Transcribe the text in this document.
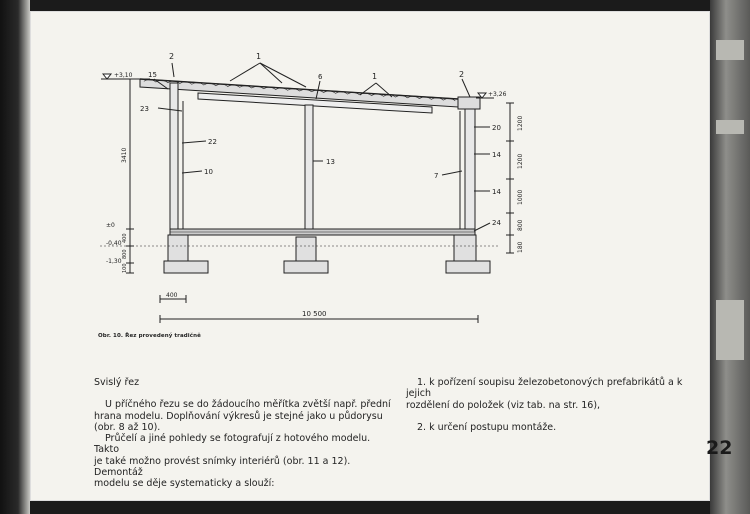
1
1
2
2
15	6
23
22
10
13
7
20
14
14
24
+3,10
+3,26
±0
-0,40
-1,30
3410
400
800
100
1200
1200
1000
800
180
400
10 500
Obr. 10. Řez provedený tradičně

Svislý řez

U příčného řezu se do žádoucího měřítka zvětší např. přední

hrana modelu. Doplňování výkresů je stejné jako u půdorysu

(obr. 8 až 10).

Průčelí a jiné pohledy se fotografují z hotového modelu. Takto

je také možno provést snímky interiérů (obr. 11 a 12). Demontáž

modelu se děje systematicky a slouží:

1. k pořízení soupisu železobetonových prefabrikátů a k jejich

rozdělení do položek (viz tab. na str. 16),

2. k určení postupu montáže.

22
